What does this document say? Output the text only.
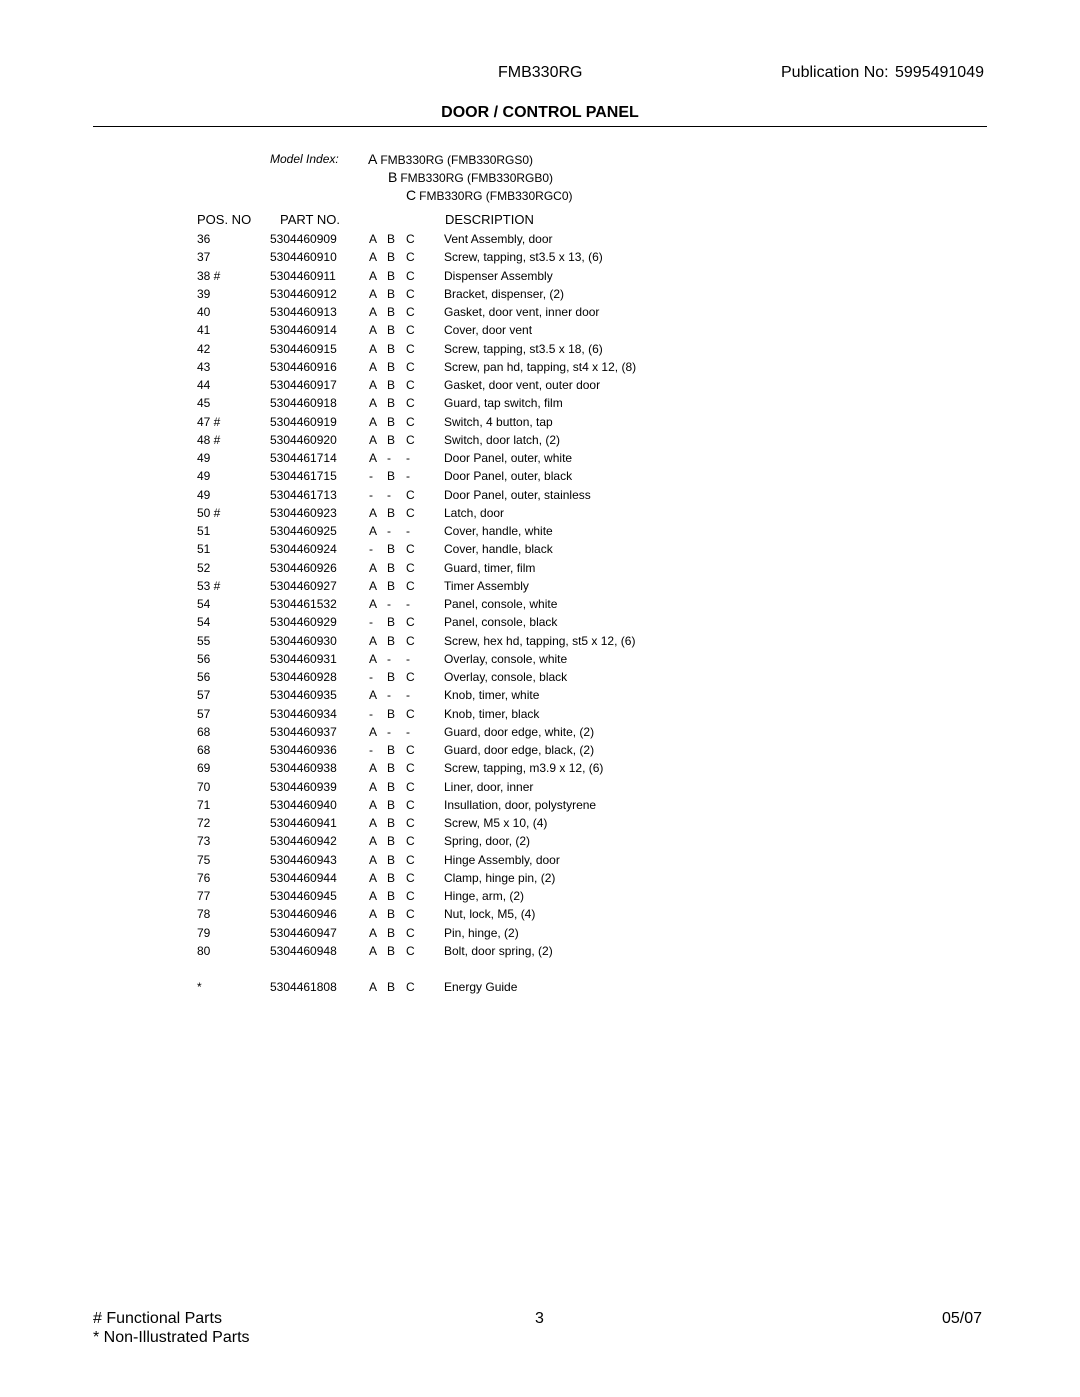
FMB330RG	Publication No: 5995491049
DOOR / CONTROL PANEL
Model Index: A FMB330RG (FMB330RGS0)
B FMB330RG (FMB330RGB0)
C FMB330RG (FMB330RGC0)
POS. NO PART NO.	DESCRIPTION
36	5304460909	A B C Vent Assembly, door
37	5304460910	A B C Screw, tapping, st3.5 x 13, (6)
38 #	5304460911	A B C Dispenser Assembly
39	5304460912	A B C Bracket, dispenser, (2)
40	5304460913	A B C Gasket, door vent, inner door
41	5304460914	A B C Cover, door vent
42	5304460915	A B C Screw, tapping, st3.5 x 18, (6)
43	5304460916	A B C Screw, pan hd, tapping, st4 x 12, (8)
44	5304460917	A B C Gasket, door vent, outer door
45	5304460918	A B C Guard, tap switch, film
47 #	5304460919	A B C Switch, 4 button, tap
48 #	5304460920	A B C Switch, door latch, (2)
49	5304461714	A - -	Door Panel, outer, white
49	5304461715	- B -	Door Panel, outer, black
49	5304461713	- - C Door Panel, outer, stainless
50 #	5304460923	A B C Latch, door
51	5304460925	A - -	Cover, handle, white
51	5304460924	- B C Cover, handle, black
52	5304460926	A B C Guard, timer, film
53 #	5304460927	A B C Timer Assembly
54	5304461532	A - -	Panel, console, white
54	5304460929	- B C Panel, console, black
55	5304460930	A B C Screw, hex hd, tapping, st5 x 12, (6)
56	5304460931	A - -	Overlay, console, white
56	5304460928	- B C Overlay, console, black
57	5304460935	A - -	Knob, timer, white
57	5304460934	- B C Knob, timer, black
68	5304460937	A - -	Guard, door edge, white, (2)
68	5304460936	- B C Guard, door edge, black, (2)
69	5304460938	A B C Screw, tapping, m3.9 x 12, (6)
70	5304460939	A B C Liner, door, inner
71	5304460940	A B C Insullation, door, polystyrene
72	5304460941	A B C Screw, M5 x 10, (4)
73	5304460942	A B C Spring, door, (2)
75	5304460943	A B C Hinge Assembly, door
76	5304460944	A B C Clamp, hinge pin, (2)
77	5304460945	A B C Hinge, arm, (2)
78	5304460946	A B C Nut, lock, M5, (4)
79	5304460947	A B C Pin, hinge, (2)
80	5304460948	A B C Bolt, door spring, (2)
*	5304461808	A B C Energy Guide
# Functional Parts
* Non-Illustrated Parts
3	05/07
